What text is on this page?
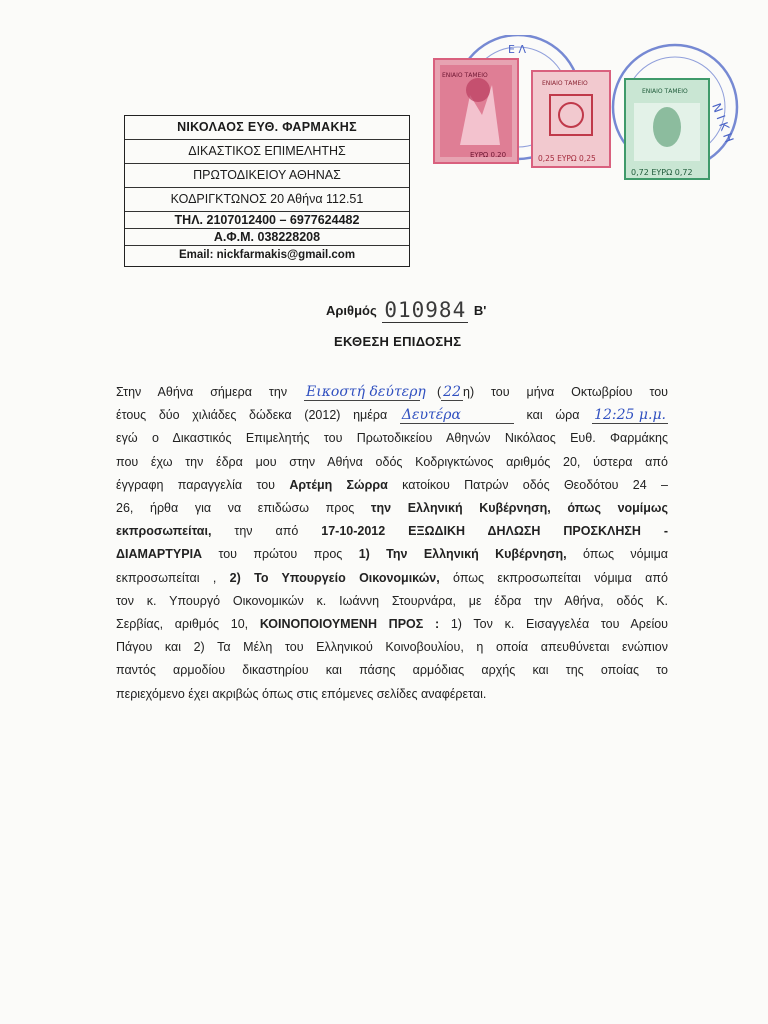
Ε Λ
Ν Ι Κ Η
ΕΝΙΑΙΟ ΤΑΜΕΙΟ
ΕΥΡΩ 0.20
ΕΝΙΑΙΟ ΤΑΜΕΙΟ
0,25 ΕΥΡΩ 0,25
ΕΝΙΑΙΟ ΤΑΜΕΙΟ
0,72 ΕΥΡΩ 0,72
ΝΙΚΟΛΑΟΣ ΕΥΘ. ΦΑΡΜΑΚΗΣ
ΔΙΚΑΣΤΙΚΟΣ ΕΠΙΜΕΛΗΤΗΣ
ΠΡΩΤΟΔΙΚΕΙΟΥ ΑΘΗΝΑΣ
ΚΟΔΡΙΓΚΤΩΝΟΣ 20 Αθήνα 112.51
ΤΗΛ. 2107012400 – 6977624482
Α.Φ.Μ. 038228208
Email: nickfarmakis@gmail.com
Αριθμός 010984 Β'
ΕΚΘΕΣΗ ΕΠΙΔΟΣΗΣ
Στην Αθήνα σήμερα την Εικοστή δεύτερη ( 22 η) του μήνα Οκτωβρίου του
έτους δύο χιλιάδες δώδεκα (2012) ημέρα Δευτέρα	και ώρα 12:25 μ.μ.
εγώ ο Δικαστικός Επιμελητής του Πρωτοδικείου Αθηνών Νικόλαος Ευθ. Φαρμάκης
που έχω την έδρα μου στην Αθήνα οδός Κοδριγκτώνος αριθμός 20, ύστερα από
έγγραφη παραγγελία του Αρτέμη Σώρρα κατοίκου Πατρών οδός Θεοδότου 24 –
26, ήρθα για να επιδώσω προς την Ελληνική Κυβέρνηση, όπως νομίμως
εκπροσωπείται, την από 17-10-2012 ΕΞΩΔΙΚΗ ΔΗΛΩΣΗ ΠΡΟΣΚΛΗΣΗ -
ΔΙΑΜΑΡΤΥΡΙΑ του πρώτου προς 1) Την Ελληνική Κυβέρνηση, όπως νόμιμα
εκπροσωπείται , 2) Το Υπουργείο Οικονομικών, όπως εκπροσωπείται νόμιμα από
τον κ. Υπουργό Οικονομικών κ. Ιωάννη Στουρνάρα, με έδρα την Αθήνα, οδός Κ.
Σερβίας, αριθμός 10, ΚΟΙΝΟΠΟΙΟΥΜΕΝΗ ΠΡΟΣ : 1) Τον κ. Εισαγγελέα του Αρείου
Πάγου και 2) Τα Μέλη του Ελληνικού Κοινοβουλίου, η οποία απευθύνεται ενώπιον
παντός αρμοδίου δικαστηρίου και πάσης αρμόδιας αρχής και της οποίας το
περιεχόμενο έχει ακριβώς όπως στις επόμενες σελίδες αναφέρεται.
